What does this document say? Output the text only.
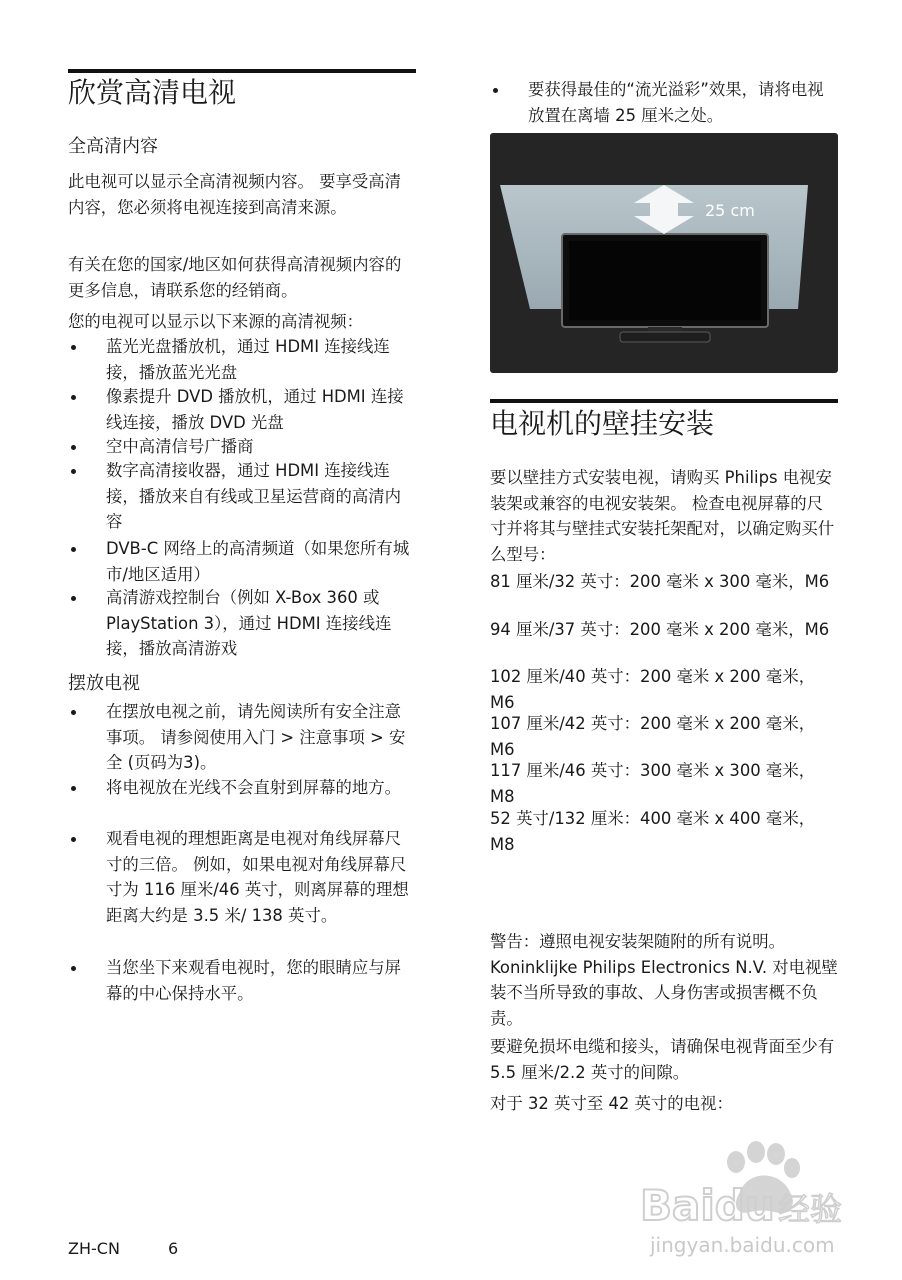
欣赏高清电视
全高清内容
此电视可以显示全高清视频内容。 要享受高清内容，您必须将电视连接到高清来源。
有关在您的国家/地区如何获得高清视频内容的更多信息，请联系您的经销商。
您的电视可以显示以下来源的高清视频：
蓝光光盘播放机，通过 HDMI 连接线连接，播放蓝光光盘
像素提升 DVD 播放机，通过 HDMI 连接线连接，播放 DVD 光盘
空中高清信号广播商
数字高清接收器，通过 HDMI 连接线连接，播放来自有线或卫星运营商的高清内容
DVB-C 网络上的高清频道（如果您所有城市/地区适用）
高清游戏控制台（例如 X-Box 360 或 PlayStation 3），通过 HDMI 连接线连接，播放高清游戏
摆放电视
在摆放电视之前，请先阅读所有安全注意事项。 请参阅使用入门 > 注意事项 > 安全 (页码为3)。
将电视放在光线不会直射到屏幕的地方。
观看电视的理想距离是电视对角线屏幕尺寸的三倍。 例如，如果电视对角线屏幕尺寸为 116 厘米/46 英寸，则离屏幕的理想距离大约是 3.5 米/ 138 英寸。
当您坐下来观看电视时，您的眼睛应与屏幕的中心保持水平。
要获得最佳的“流光溢彩”效果，请将电视放置在离墙 25 厘米之处。
25 cm
电视机的壁挂安装
要以壁挂方式安装电视，请购买 Philips 电视安装架或兼容的电视安装架。 检查电视屏幕的尺寸并将其与壁挂式安装托架配对，以确定购买什么型号：
81 厘米/32 英寸：200 毫米 x 300 毫米，M6
94 厘米/37 英寸：200 毫米 x 200 毫米，M6
102 厘米/40 英寸：200 毫米 x 200 毫米，M6
107 厘米/42 英寸：200 毫米 x 200 毫米，M6
117 厘米/46 英寸：300 毫米 x 300 毫米，M8
52 英寸/132 厘米：400 毫米 x 400 毫米，M8
警告：遵照电视安装架随附的所有说明。 Koninklijke Philips Electronics N.V. 对电视壁装不当所导致的事故、人身伤害或损害概不负责。
要避免损坏电缆和接头，请确保电视背面至少有 5.5 厘米/2.2 英寸的间隙。
对于 32 英寸至 42 英寸的电视：
ZH-CN	6
Baidu 经验
jingyan.baidu.com
